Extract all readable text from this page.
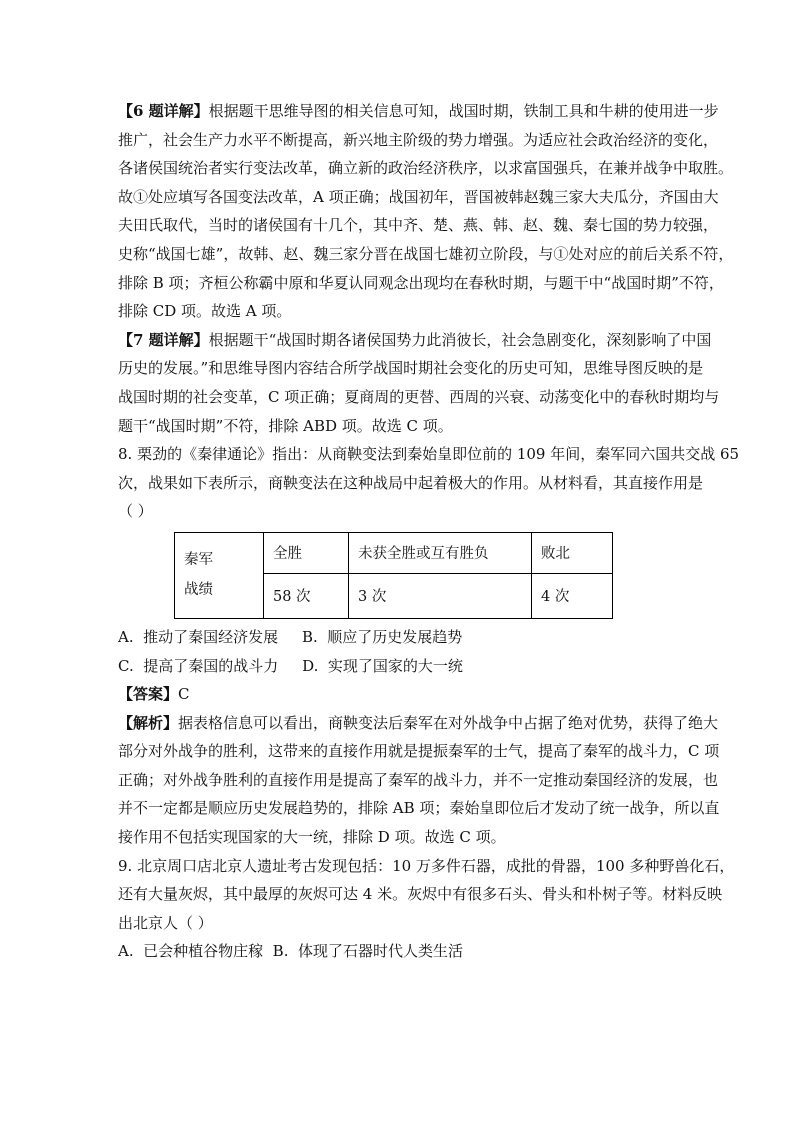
【6 题详解】根据题干思维导图的相关信息可知，战国时期，铁制工具和牛耕的使用进一步
推广，社会生产力水平不断提高，新兴地主阶级的势力增强。为适应社会政治经济的变化，
各诸侯国统治者实行变法改革，确立新的政治经济秩序，以求富国强兵，在兼并战争中取胜。
故①处应填写各国变法改革，A 项正确；战国初年，晋国被韩赵魏三家大夫瓜分，齐国由大
夫田氏取代，当时的诸侯国有十几个，其中齐、楚、燕、韩、赵、魏、秦七国的势力较强，
史称“战国七雄”，故韩、赵、魏三家分晋在战国七雄初立阶段，与①处对应的前后关系不符，
排除 B 项；齐桓公称霸中原和华夏认同观念出现均在春秋时期，与题干中“战国时期”不符，
排除 CD 项。故选 A 项。
【7 题详解】根据题干“战国时期各诸侯国势力此消彼长，社会急剧变化，深刻影响了中国
历史的发展。”和思维导图内容结合所学战国时期社会变化的历史可知，思维导图反映的是
战国时期的社会变革，C 项正确；夏商周的更替、西周的兴衰、动荡变化中的春秋时期均与
题干“战国时期”不符，排除 ABD 项。故选 C 项。
8. 栗劲的《秦律通论》指出：从商鞅变法到秦始皇即位前的 109 年间，秦军同六国共交战 65
次，战果如下表所示，商鞅变法在这种战局中起着极大的作用。从材料看，其直接作用是
（ ）
秦军
战绩	全胜	未获全胜或互有胜负	败北
	58 次	3 次	4 次
A.  推动了秦国经济发展     B.  顺应了历史发展趋势
C.  提高了秦国的战斗力     D.  实现了国家的大一统
【答案】C
【解析】据表格信息可以看出，商鞅变法后秦军在对外战争中占据了绝对优势，获得了绝大
部分对外战争的胜利，这带来的直接作用就是提振秦军的士气，提高了秦军的战斗力，C 项
正确；对外战争胜利的直接作用是提高了秦军的战斗力，并不一定推动秦国经济的发展，也
并不一定都是顺应历史发展趋势的，排除 AB 项；秦始皇即位后才发动了统一战争，所以直
接作用不包括实现国家的大一统，排除 D 项。故选 C 项。
9. 北京周口店北京人遗址考古发现包括：10 万多件石器，成批的骨器，100 多种野兽化石，
还有大量灰烬，其中最厚的灰烬可达 4 米。灰烬中有很多石头、骨头和朴树子等。材料反映
出北京人（ ）
A.  已会种植谷物庄稼  B.  体现了石器时代人类生活
